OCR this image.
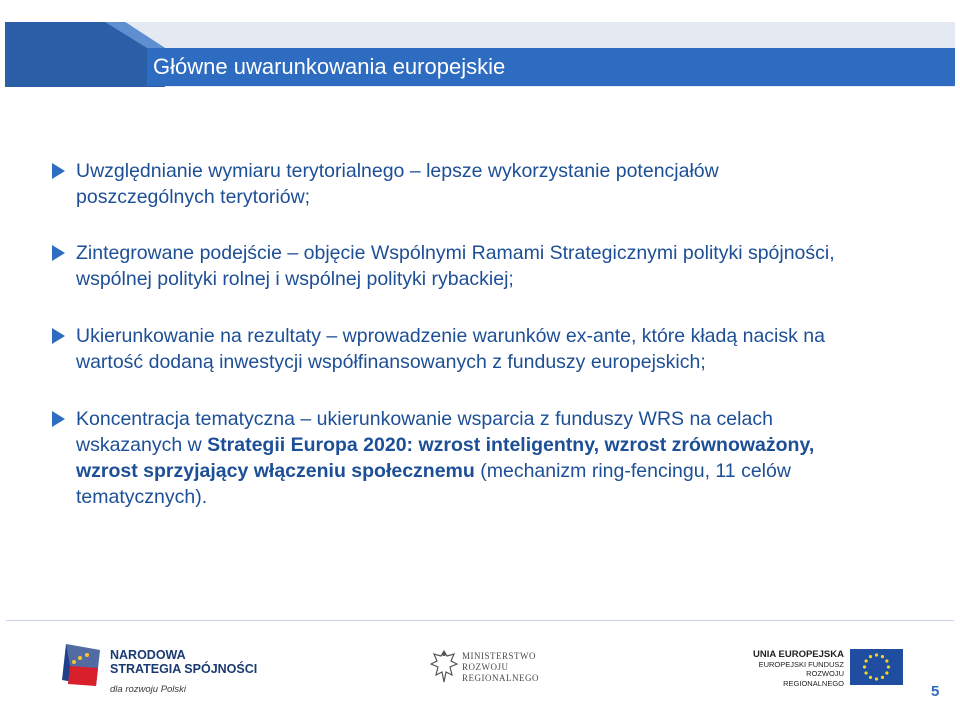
Główne uwarunkowania europejskie
Uwzględnianie wymiaru terytorialnego – lepsze wykorzystanie potencjałów
poszczególnych terytoriów;
Zintegrowane podejście – objęcie Wspólnymi Ramami Strategicznymi polityki spójności,
wspólnej polityki rolnej i wspólnej polityki rybackiej;
Ukierunkowanie na rezultaty – wprowadzenie warunków ex-ante, które kładą nacisk na
wartość dodaną inwestycji współfinansowanych z funduszy europejskich;
Koncentracja tematyczna – ukierunkowanie wsparcia z funduszy WRS na celach
wskazanych w Strategii Europa 2020: wzrost inteligentny, wzrost zrównoważony,
wzrost sprzyjający włączeniu społecznemu (mechanizm ring-fencingu, 11 celów
tematycznych).
NARODOWA
STRATEGIA SPÓJNOŚCI
dla rozwoju Polski
MINISTERSTWO
ROZWOJU
REGIONALNEGO
UNIA EUROPEJSKA
EUROPEJSKI FUNDUSZ
ROZWOJU REGIONALNEGO	5
